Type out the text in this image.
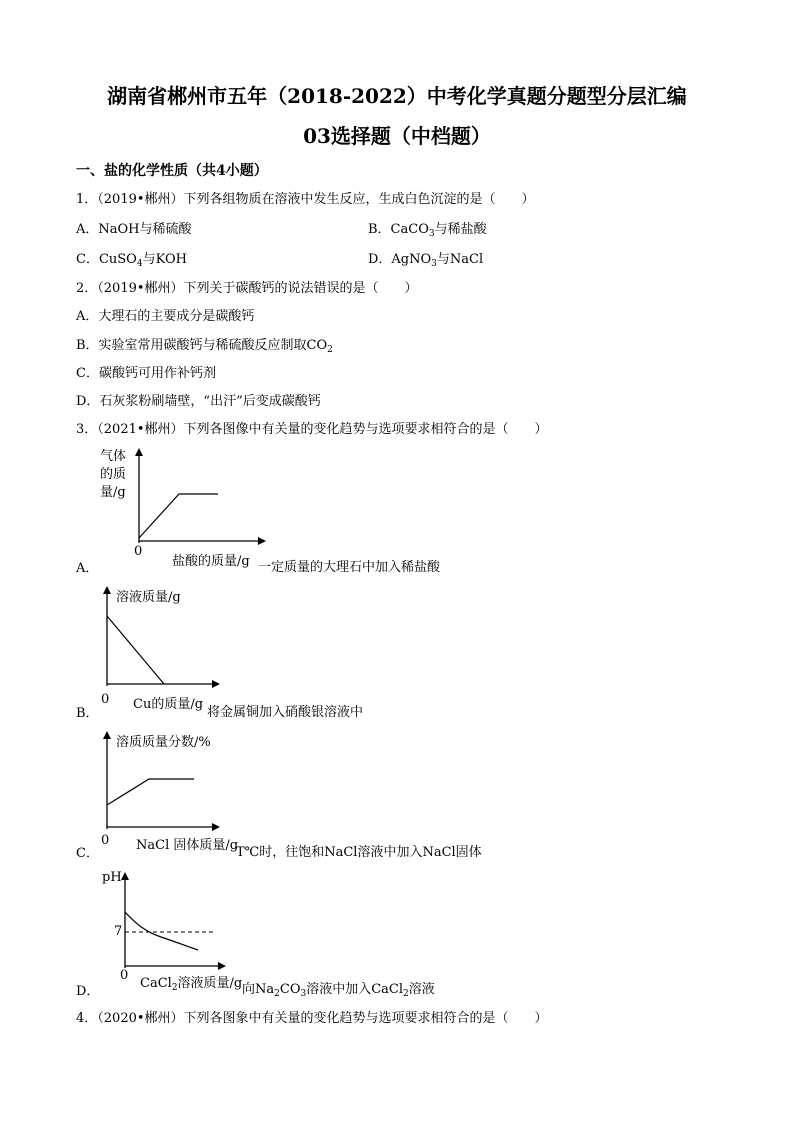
湖南省郴州市五年（2018-2022）中考化学真题分题型分层汇编
03选择题（中档题）
一、盐的化学性质（共4小题）
1．（2019•郴州）下列各组物质在溶液中发生反应，生成白色沉淀的是（　　）
A．NaOH与稀硫酸	B．CaCO$_3$与稀盐酸
C．CuSO$_4$与KOH	D．AgNO$_3$与NaCl
2．（2019•郴州）下列关于碳酸钙的说法错误的是（　　）
A．大理石的主要成分是碳酸钙
B．实验室常用碳酸钙与稀硫酸反应制取$CO_2$
C．碳酸钙可用作补钙剂
D．石灰浆粉刷墙壁，“出汗”后变成碳酸钙
3．（2021•郴州）下列各图像中有关量的变化趋势与选项要求相符合的是（　　）
气体
的质
量/g
0
盐酸的质量/g
A．	一定质量的大理石中加入稀盐酸
溶液质量/g
0 Cu的质量/g
B．	将金属铜加入硝酸银溶液中
溶质质量分数/%
0 NaCl 固体质量/g
C．	T℃时，往饱和NaCl溶液中加入NaCl固体
pH
7
0
CaCl$_2$溶液质量/g
D．	向$Na_2CO_3$溶液中加入CaCl$_2$溶液
4．（2020•郴州）下列各图象中有关量的变化趋势与选项要求相符合的是（　　）
